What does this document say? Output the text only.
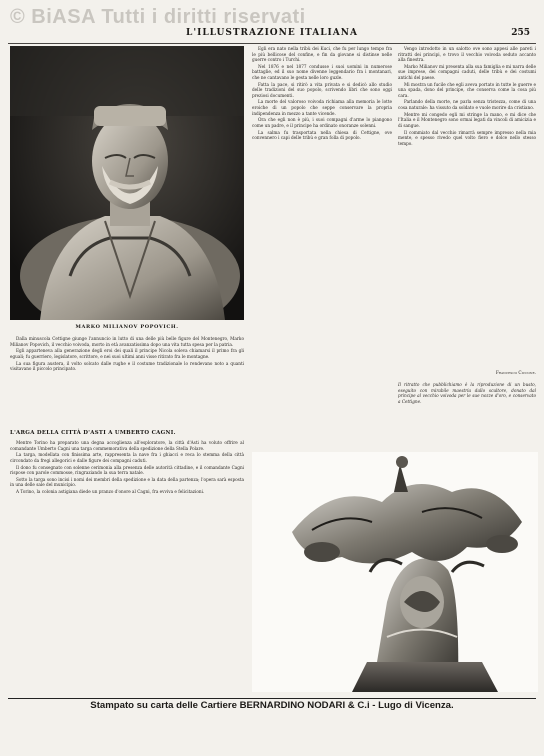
© BiASA Tutti i diritti riservati
L'ILLUSTRAZIONE ITALIANA	255
MARKO MILIANOV POPOVICH.

Dalla minuscola Cettigne giunge l'annuncio in lutto di una delle più belle figure del Montenegro, Marko Milianov Popovich, il vecchio voivoda, morto in età avanzatissima dopo una vita tutta spesa per la patria.

Egli apparteneva alla generazione degli eroi dei quali il principe Nicola soleva chiamarsi il primo fra gli eguali; fu guerriero, legislatore, scrittore, e nei suoi ultimi anni visse ritirato fra le montagne.

La sua figura austera, il volto solcato dalle rughe e il costume tradizionale lo rendevano noto a quanti visitavano il piccolo principato.

L'ARGA DELLA CITTÀ D'ASTI A UMBERTO CAGNI.

Mentre Torino ha preparato una degna accoglienza all'esploratore, la città d'Asti ha voluto offrire al comandante Umberto Cagni una targa commemorativa della spedizione della Stella Polare.

La targa, modellata con finissima arte, rappresenta la nave fra i ghiacci e reca lo stemma della città circondato da fregi allegorici e dalle figure dei compagni caduti.

Il dono fu consegnato con solenne cerimonia alla presenza delle autorità cittadine, e il comandante Cagni rispose con parole commosse, ringraziando la sua terra natale.

Sotto la targa sono incisi i nomi dei membri della spedizione e la data della partenza; l'opera sarà esposta in una delle sale del municipio.

A Torino, la colonia astigiana diede un pranzo d'onore al Cagni, fra evviva e felicitazioni.

Egli era nato nella tribù dei Kuci, che fu per lungo tempo fra le più bellicose del confine, e fin da giovane si distinse nelle guerre contro i Turchi.

Nel 1876 e nel 1877 condusse i suoi uomini in numerose battaglie, ed il suo nome divenne leggendario fra i montanari, che ne cantavano le gesta nelle loro guzle.

Fatta la pace, si ritirò a vita privata e si dedicò allo studio delle tradizioni del suo popolo, scrivendo libri che sono oggi preziosi documenti.

La morte del valoroso voivoda richiama alla memoria le lotte eroiche di un popolo che seppe conservare la propria indipendenza in mezzo a tante vicende.

Ora che egli non è più, i suoi compagni d'arme lo piangono come un padre, e il principe ha ordinato onoranze solenni.

La salma fu trasportata nella chiesa di Cettigne, ove convennero i capi delle tribù e gran folla di popolo.

Vengo introdotto in un salotto ove sono appesi alle pareti i ritratti dei principi, e trovo il vecchio voivoda seduto accanto alla finestra.

Marko Milianov mi presenta alla sua famiglia e mi narra delle sue imprese, dei compagni caduti, delle tribù e dei costumi antichi del paese.

Mi mostra un fucile che egli aveva portato in tutte le guerre e una spada, dono del principe, che conserva come la cosa più cara.

Parlando della morte, ne parla senza tristezza, come di una cosa naturale: ha vissuto da soldato e vuole morire da cristiano.

Mentre mi congedo egli mi stringe la mano, e mi dice che l'Italia e il Montenegro sono ormai legati da vincoli di amicizia e di sangue.

Il commiato dal vecchio rimarrà sempre impresso nella mia mente, e spesso rivedo quel volto fiero e dolce nello stesso tempo.

Francesco Ciccone.
Il ritratto che pubblichiamo è la riproduzione di un busto, eseguito con mirabile maestria dallo scultore, donato dal principe al vecchio voivoda per le sue nozze d'oro, e conservato a Cettigne.
Stampato su carta delle Cartiere BERNARDINO NODARI & C.i - Lugo di Vicenza.
